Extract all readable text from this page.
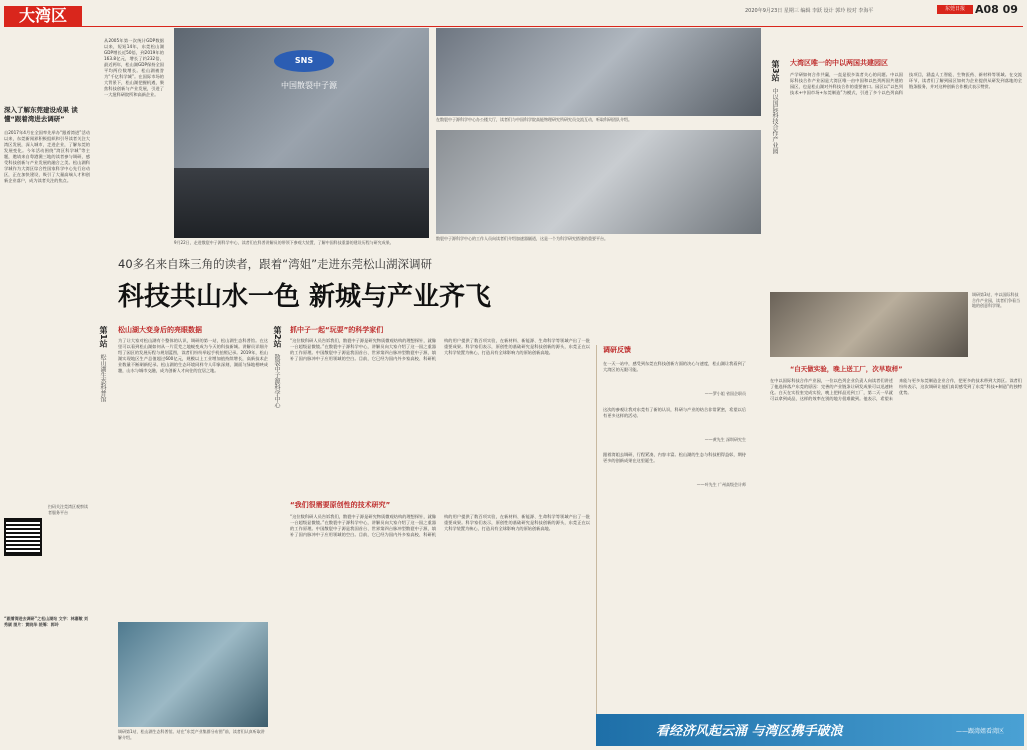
大湾区	2020年9月23日 星期三 编辑 李跃 设计 郭玲 校对 李海平	东莞日报 A08 09
深入了解东莞建设成果 读懂“跟着湾进去调研”
自2017年4月在全国率先举办“跟着湾进”活动以来，东莞新闻界积极组织和引导读者关注大湾区发展，深入城市，走进企业，了解东莞的发展变化。今年活动围绕“湾区科学城”等主题，邀请来自粤港澳三地的读者参与调研，感受科技创新与产业发展的融合之美。松山湖科学城作为大湾区综合性国家科学中心先行启动区，正在加快建设，吸引了大量高端人才和创新企业落户，成为读者关注的焦点。
扫码关注莞湾区观察读者服务平台
“跟着湾进去调研”之松山湖站 文字：林嘉敏 刘秀颖 图片：黄晓华 统筹：郭玲
从2005年第一次统计GDP数据以来，短短14年，东莞松山湖GDP增长近50倍，到2019年的163.8亿元，增长了约232倍，最近两年，松山湖GDP保持全国平均两位数增长。松山湖被誉为“千亿科学城”。在国际市场的大背景下，松山湖把握机遇，聚焦科技创新与产业发展，引进了一大批科研院所和高新企业。
SNS
中国散裂中子源
9月22日，走进散裂中子源科学中心，读者们在科普讲解员的带领下参观大装置，了解中国科技重器的建设历程与研究成果。
在散裂中子源科学中心办公楼大厅，读者们与中国科学院高能物理研究所研究员交流互动，听取科研团队介绍。
散裂中子源科学中心的工作人员向读者们介绍加速器隧道，这是一个为科学研究搭建的重要平台。
40多名来自珠三角的读者，跟着“湾姐”走进东莞松山湖深调研
科技共山水一色 新城与产业齐飞
第1站
松山湖生态科普馆
松山湖大变身后的亮眼数据
为了让大家对松山湖有个整体的认识，调研的第一站，松山湖生态科普馆。在这里可以看到松山湖如何从一片荒芜之地蜕变成为今天的科技新城。讲解员详细介绍了园区的发展历程与规划蓝图，读者们纷纷举起手机拍照记录。2019年，松山湖实现地区生产总值超过600亿元，规模以上工业增加值持续增长，高新技术企业数量不断刷新纪录。松山湖的生态环境同样令人印象深刻，湖面与绿地相映成趣，山水与城市交融，成为创新人才向往的宜居之地。
调研第1站，松山湖生态科普馆。站在“东莞产业集群分布图”前，读者们认真听取讲解介绍。
第2站
散裂中子源科学中心
抓中子一起“玩耍”的科学家们
“这位数科研人员告诉我们，散裂中子源是研究物质微观结构的理想探针，就像一台超级显微镜。”在散裂中子源科学中心，讲解员向大家介绍了这一国之重器的工作原理。中国散裂中子源是我国首台、世界第四台脉冲型散裂中子源，填补了国内脉冲中子应用领域的空白。目前，它已经为国内外多家高校、科研机构的用户提供了数百项实验，在新材料、新能源、生命科学等领域产出了一批重要成果。科学家们表示，原创性的基础研究是科技创新的源头，东莞正在以大科学装置为核心，打造具有全球影响力的原始创新高地。
“我们很需要原创性的技术研究”
“这位数科研人员告诉我们，散裂中子源是研究物质微观结构的理想探针，就像一台超级显微镜。”在散裂中子源科学中心，讲解员向大家介绍了这一国之重器的工作原理。中国散裂中子源是我国首台、世界第四台脉冲型散裂中子源，填补了国内脉冲中子应用领域的空白。目前，它已经为国内外多家高校、科研机构的用户提供了数百项实验，在新材料、新能源、生命科学等领域产出了一批重要成果。科学家们表示，原创性的基础研究是科技创新的源头，东莞正在以大科学装置为核心，打造具有全球影响力的原始创新高地。
调研反馈
在一天一站中，感受到东莞在科技创新方面的决心与速度，松山湖让我看到了大湾区的无限可能。
——罗小姐 省国企职员
这次的参观让我对东莞有了新的认识，科研与产业的结合非常紧密，希望以后有更多这样的活动。
——黄先生 深圳研究生
跟着湾姐去调研，行程紧凑，内容丰富。松山湖的生态与科技相得益彰，期待更多的创新成果在这里诞生。
——叶先生 广州高级会计师
第3站
中以国际科技合作产业园
大湾区唯一的中以两国共建园区
产学研如何合作共赢，一直是很多读者关心的问题。中以国际科技合作产业园是大湾区唯一由中国和以色列两国共建的园区，也是松山湖对外科技合作的重要窗口。园区以“以色列技术+中国市场+东莞制造”为模式，引进了多个以色列高科技项目，涵盖人工智能、生物医药、新材料等领域。在交流环节，读者们了解到园区如何为企业提供从研发到落地的全链条服务，并对这种创新合作模式表示赞赏。
调研第3站，中以国际科技合作产业园，读者们争看当地的创意科学课。
“白天做实验，晚上送工厂，次早取样”
在中以国际科技合作产业园，一位以色列企业负责人向读者们讲述了他选择落户东莞的原因：完善的产业链条让研发成果可以迅速转化。白天在实验室完成实验，晚上把样品送到工厂，第二天一早就可以拿到成品，这样的效率在别的地方很难做到。他表示，希望未来能与更多东莞制造企业合作，把更多的技术带到大湾区。读者们纷纷表示，这次调研让他们真切感受到了东莞“科技+制造”的独特优势。
看经济风起云涌 与湾区携手破浪	——跟湾姐看湾区
